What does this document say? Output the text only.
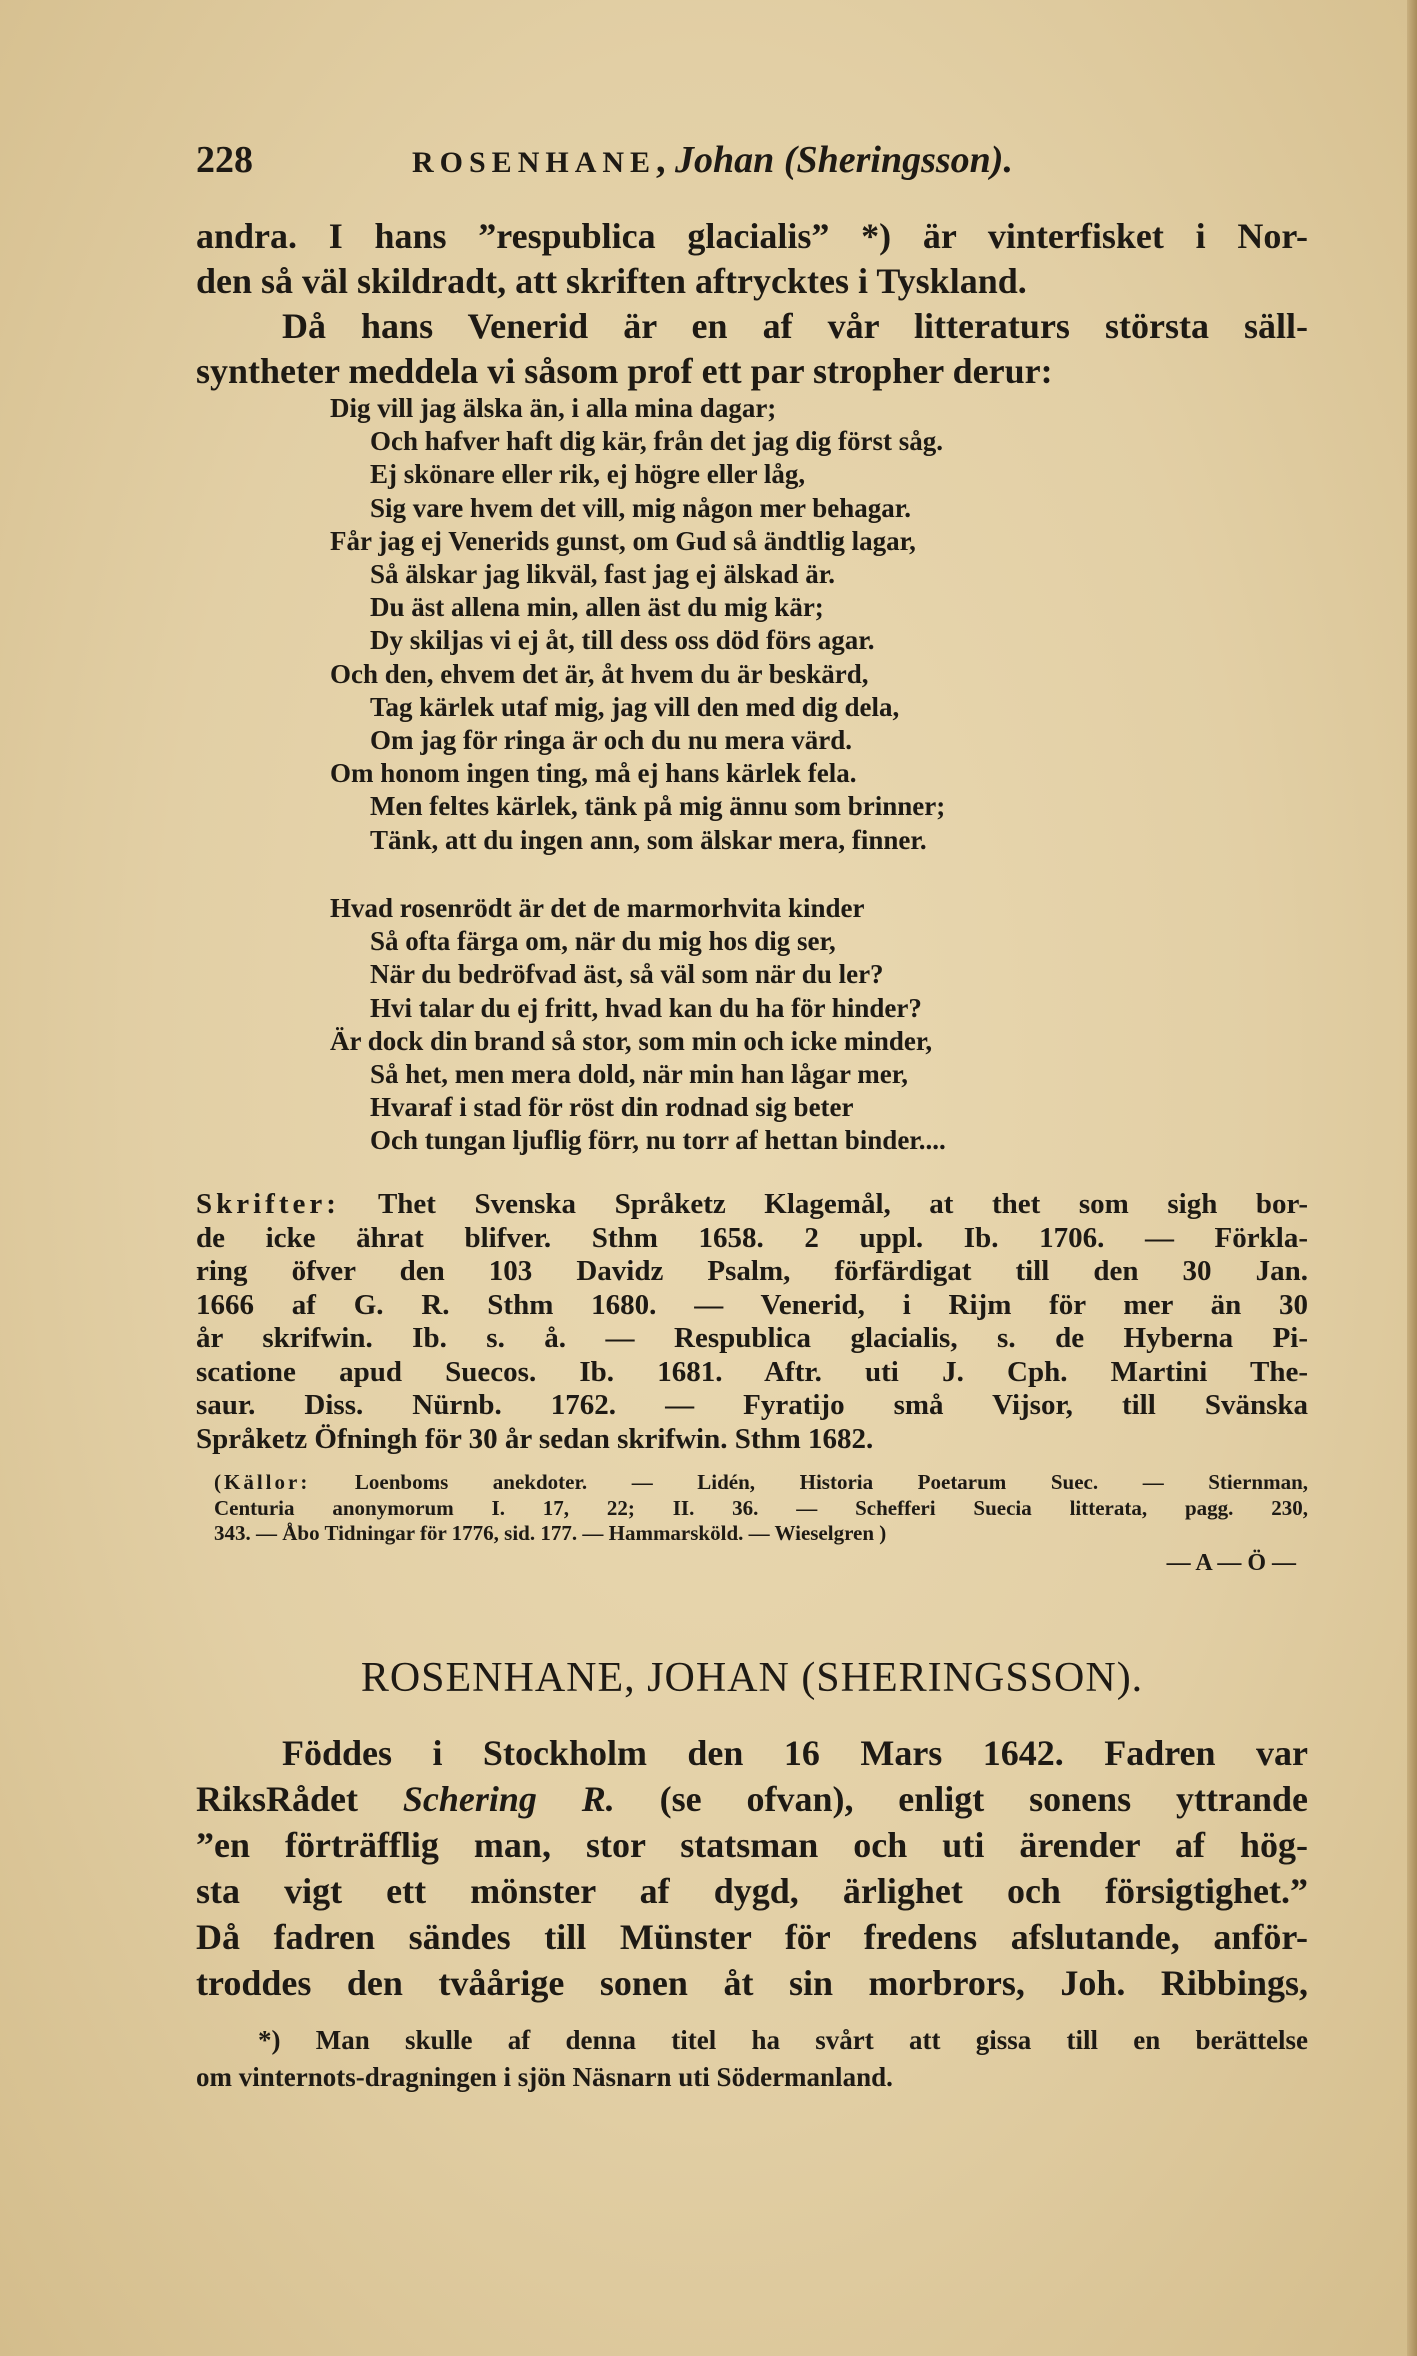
228	ROSENHANE, Johan (Sheringsson).

andra. I hans ”respublica glacialis” *) är vinterfisket i Nor-

den så väl skildradt, att skriften aftrycktes i Tyskland.

Då hans Venerid är en af vår litteraturs största säll-

syntheter meddela vi såsom prof ett par stropher derur:

Dig vill jag älska än, i alla mina dagar;
Och hafver haft dig kär, från det jag dig först såg.
Ej skönare eller rik, ej högre eller låg,
Sig vare hvem det vill, mig någon mer behagar.
Får jag ej Venerids gunst, om Gud så ändtlig lagar,
Så älskar jag likväl, fast jag ej älskad är.
Du äst allena min, allen äst du mig kär;
Dy skiljas vi ej åt, till dess oss död förs agar.
Och den, ehvem det är, åt hvem du är beskärd,
Tag kärlek utaf mig, jag vill den med dig dela,
Om jag för ringa är och du nu mera värd.
Om honom ingen ting, må ej hans kärlek fela.
Men feltes kärlek, tänk på mig ännu som brinner;
Tänk, att du ingen ann, som älskar mera, finner.
Hvad rosenrödt är det de marmorhvita kinder
Så ofta färga om, när du mig hos dig ser,
När du bedröfvad äst, så väl som när du ler?
Hvi talar du ej fritt, hvad kan du ha för hinder?
Är dock din brand så stor, som min och icke minder,
Så het, men mera dold, när min han lågar mer,
Hvaraf i stad för röst din rodnad sig beter
Och tungan ljuflig förr, nu torr af hettan binder....
Skrifter: Thet Svenska Språketz Klagemål, at thet som sigh bor-
de icke ährat blifver. Sthm 1658. 2 uppl. Ib. 1706. — Förkla-
ring öfver den 103 Davidz Psalm, förfärdigat till den 30 Jan.
1666 af G. R. Sthm 1680. — Venerid, i Rijm för mer än 30
år skrifwin. Ib. s. å. — Respublica glacialis, s. de Hyberna Pi-
scatione apud Suecos. Ib. 1681. Aftr. uti J. Cph. Martini The-
saur. Diss. Nürnb. 1762. — Fyratijo små Vijsor, till Svänska
Språketz Öfningh för 30 år sedan skrifwin. Sthm 1682.
(Källor: Loenboms anekdoter. — Lidén, Historia Poetarum Suec. — Stiernman,
Centuria anonymorum I. 17, 22; II. 36. — Schefferi Suecia litterata, pagg. 230,
343. — Åbo Tidningar för 1776, sid. 177. — Hammarsköld. — Wieselgren )
— A — Ö —
ROSENHANE, JOHAN (SHERINGSSON).

Föddes i Stockholm den 16 Mars 1642. Fadren var

RiksRådet Schering R. (se ofvan), enligt sonens yttrande

”en förträfflig man, stor statsman och uti ärender af hög-

sta vigt ett mönster af dygd, ärlighet och försigtighet.”

Då fadren sändes till Münster för fredens afslutande, anför-

troddes den tvåårige sonen åt sin morbrors, Joh. Ribbings,

*) Man skulle af denna titel ha svårt att gissa till en berättelse

om vinternots-dragningen i sjön Näsnarn uti Södermanland.
